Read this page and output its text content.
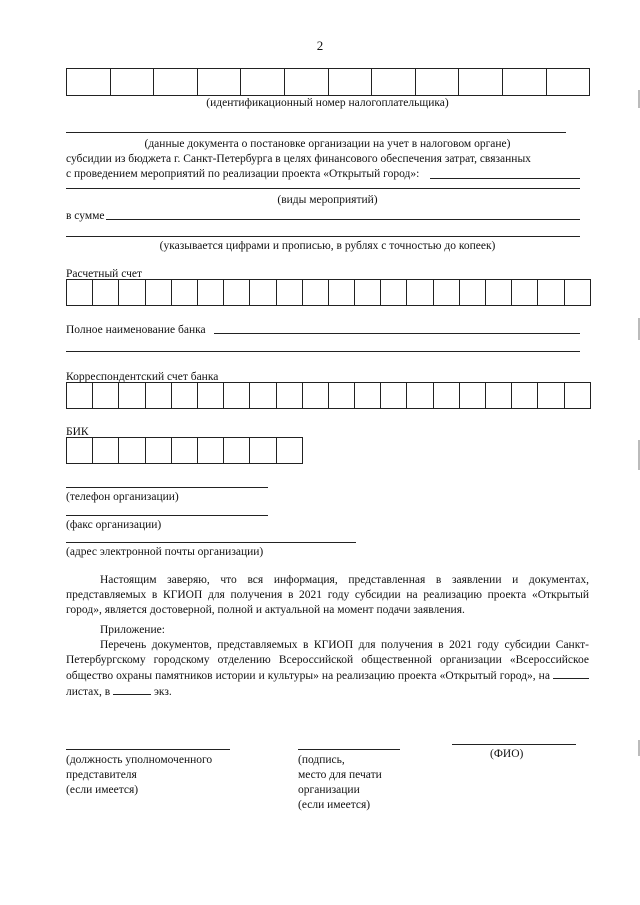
2
(идентификационный номер налогоплательщика)
(данные документа о постановке организации на учет в налоговом органе)
субсидии из бюджета г. Санкт-Петербурга в целях финансового обеспечения затрат, связанных
с проведением мероприятий по реализации проекта «Открытый город»:
(виды мероприятий)
в сумме
(указывается цифрами и прописью, в рублях с точностью до копеек)
Расчетный счет
Полное наименование банка
Корреспондентский счет банка
БИК
(телефон организации)
(факс организации)
(адрес электронной почты организации)
Настоящим заверяю, что вся информация, представленная в заявлении и документах, представляемых в КГИОП для получения в 2021 году субсидии на реализацию проекта «Открытый город», является достоверной, полной и актуальной на момент подачи заявления.
Приложение:
Перечень документов, представляемых в КГИОП для получения в 2021 году субсидии Санкт-Петербургскому городскому отделению Всероссийской общественной организации «Всероссийское общество охраны памятников истории и культуры» на реализацию проекта «Открытый город», на  листах, в	экз.
(должность уполномоченного
представителя
(если имеется)
(подпись,
место для печати
организации
(если имеется)
(ФИО)
